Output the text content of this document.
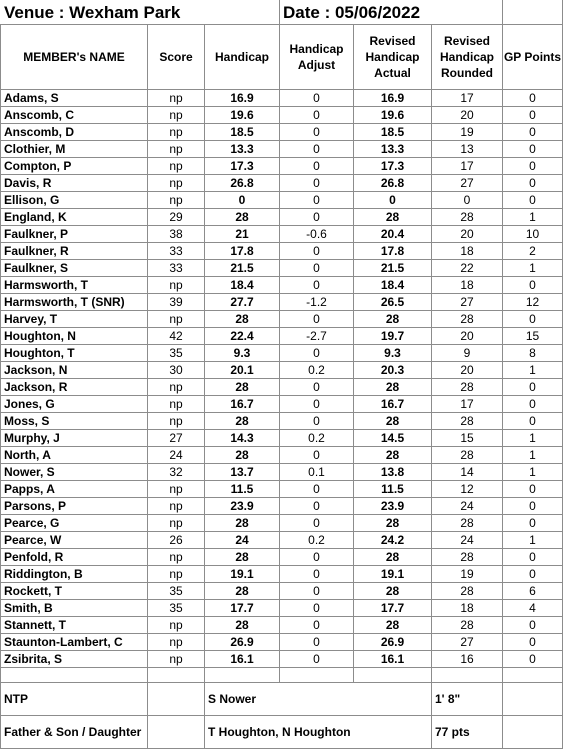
Venue : Wexham Park			Date : 05/06/2022			
MEMBER's NAME	Score	Handicap	Handicap Adjust	Revised Handicap Actual	Revised Handicap Rounded	GP Points
Adams, S	np	16.9	0	16.9	17	0
Anscomb, C	np	19.6	0	19.6	20	0
Anscomb, D	np	18.5	0	18.5	19	0
Clothier, M	np	13.3	0	13.3	13	0
Compton, P	np	17.3	0	17.3	17	0
Davis, R	np	26.8	0	26.8	27	0
Ellison, G	np	0	0	0	0	0
England, K	29	28	0	28	28	1
Faulkner, P	38	21	-0.6	20.4	20	10
Faulkner, R	33	17.8	0	17.8	18	2
Faulkner, S	33	21.5	0	21.5	22	1
Harmsworth, T	np	18.4	0	18.4	18	0
Harmsworth, T (SNR)	39	27.7	-1.2	26.5	27	12
Harvey, T	np	28	0	28	28	0
Houghton, N	42	22.4	-2.7	19.7	20	15
Houghton, T	35	9.3	0	9.3	9	8
Jackson, N	30	20.1	0.2	20.3	20	1
Jackson, R	np	28	0	28	28	0
Jones, G	np	16.7	0	16.7	17	0
Moss, S	np	28	0	28	28	0
Murphy, J	27	14.3	0.2	14.5	15	1
North, A	24	28	0	28	28	1
Nower, S	32	13.7	0.1	13.8	14	1
Papps, A	np	11.5	0	11.5	12	0
Parsons, P	np	23.9	0	23.9	24	0
Pearce, G	np	28	0	28	28	0
Pearce, W	26	24	0.2	24.2	24	1
Penfold, R	np	28	0	28	28	0
Riddington, B	np	19.1	0	19.1	19	0
Rockett, T	35	28	0	28	28	6
Smith, B	35	17.7	0	17.7	18	4
Stannett, T	np	28	0	28	28	0
Staunton-Lambert, C	np	26.9	0	26.9	27	0
Zsibrita, S	np	16.1	0	16.1	16	0

NTP		S Nower			1' 8"	
Father & Son / Daughter		T Houghton, N Houghton			77 pts	
